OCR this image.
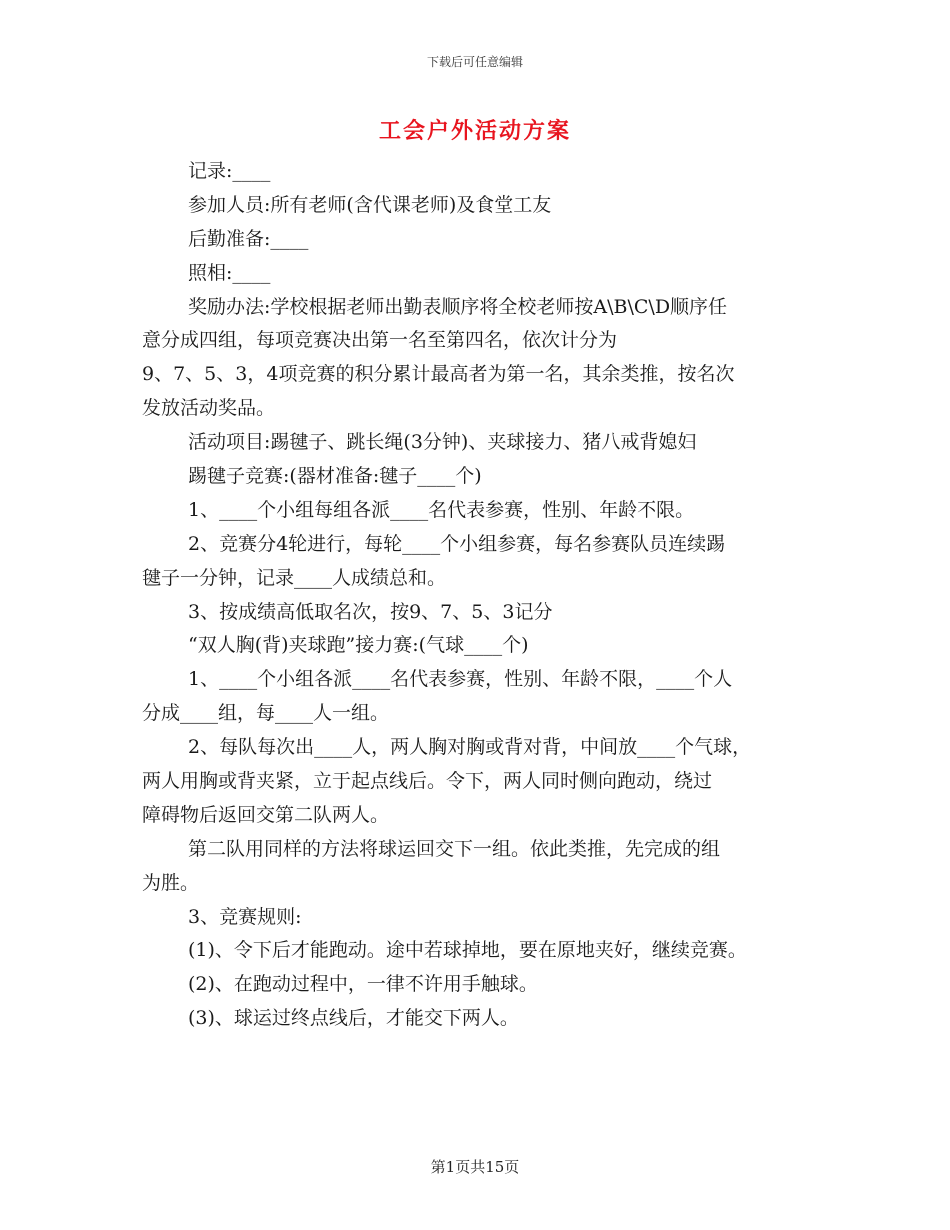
下载后可任意编辑
工会户外活动方案
记录:____
参加人员:所有老师(含代课老师)及食堂工友
后勤准备:____
照相:____
奖励办法:学校根据老师出勤表顺序将全校老师按A\B\C\D顺序任
意分成四组，每项竞赛决出第一名至第四名，依次计分为
9、7、5、3，4项竞赛的积分累计最高者为第一名，其余类推，按名次
发放活动奖品。
活动项目:踢毽子、跳长绳(3分钟)、夹球接力、猪八戒背媳妇
踢毽子竞赛:(器材准备:毽子____个)
1、____个小组每组各派____名代表参赛，性别、年龄不限。
2、竞赛分4轮进行，每轮____个小组参赛，每名参赛队员连续踢
毽子一分钟，记录____人成绩总和。
3、按成绩高低取名次，按9、7、5、3记分
“双人胸(背)夹球跑”接力赛:(气球____个)
1、____个小组各派____名代表参赛，性别、年龄不限，____个人
分成____组，每____人一组。
2、每队每次出____人，两人胸对胸或背对背，中间放____个气球，
两人用胸或背夹紧，立于起点线后。令下，两人同时侧向跑动，绕过
障碍物后返回交第二队两人。
第二队用同样的方法将球运回交下一组。依此类推，先完成的组
为胜。
3、竞赛规则:
(1)、令下后才能跑动。途中若球掉地，要在原地夹好，继续竞赛。
(2)、在跑动过程中，一律不许用手触球。
(3)、球运过终点线后，才能交下两人。
第1页共15页
